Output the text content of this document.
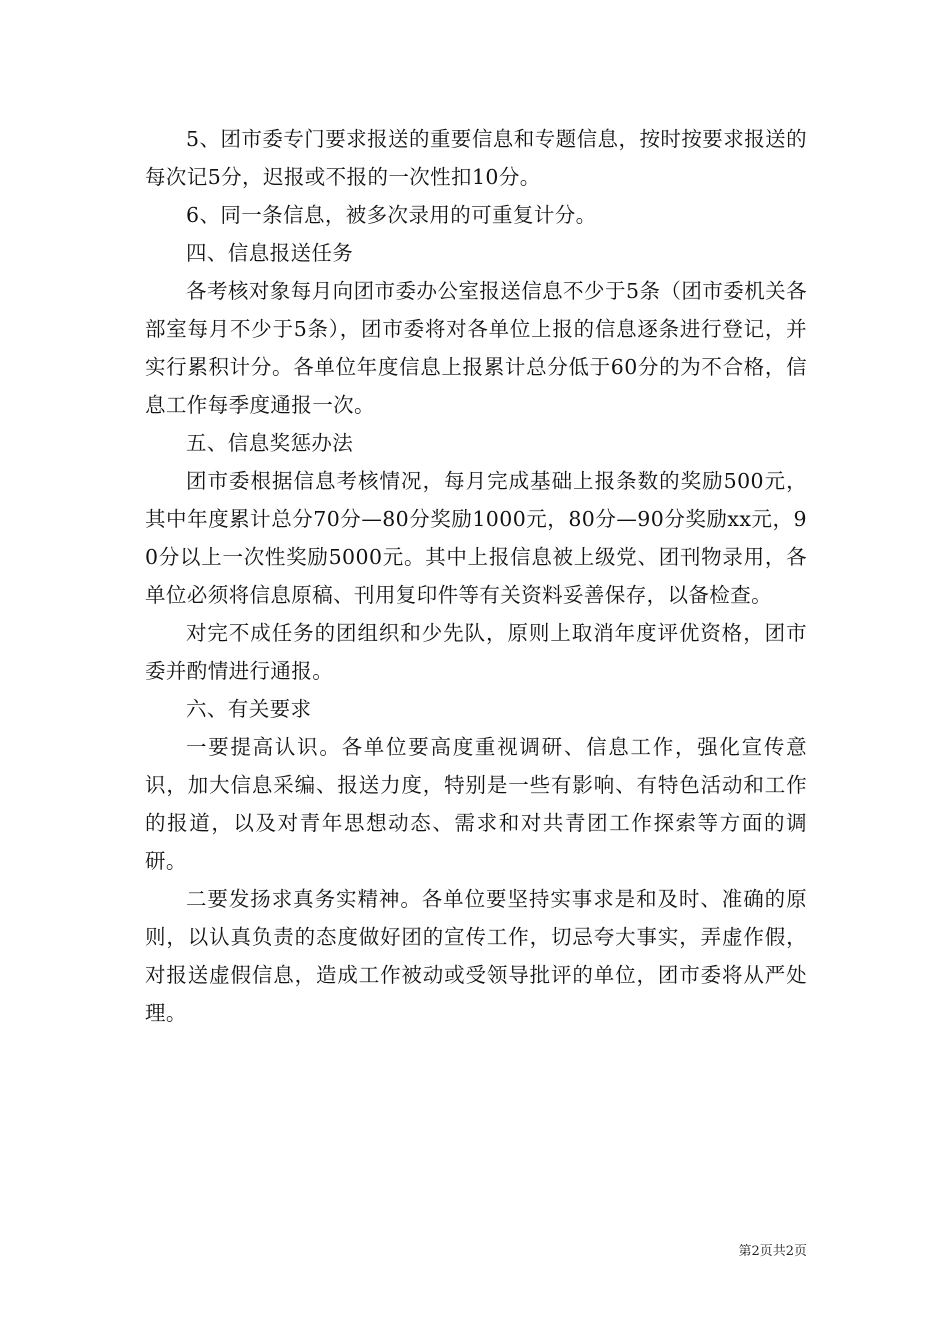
5、团市委专门要求报送的重要信息和专题信息，按时按要求报送的每次记5分，迟报或不报的一次性扣10分。

6、同一条信息，被多次录用的可重复计分。

四、信息报送任务

各考核对象每月向团市委办公室报送信息不少于5条（团市委机关各部室每月不少于5条），团市委将对各单位上报的信息逐条进行登记，并实行累积计分。各单位年度信息上报累计总分低于60分的为不合格，信息工作每季度通报一次。

五、信息奖惩办法

团市委根据信息考核情况，每月完成基础上报条数的奖励500元，其中年度累计总分70分—80分奖励1000元，80分—90分奖励xx元，90分以上一次性奖励5000元。其中上报信息被上级党、团刊物录用，各单位必须将信息原稿、刊用复印件等有关资料妥善保存，以备检查。

对完不成任务的团组织和少先队，原则上取消年度评优资格，团市委并酌情进行通报。

六、有关要求

一要提高认识。各单位要高度重视调研、信息工作，强化宣传意识，加大信息采编、报送力度，特别是一些有影响、有特色活动和工作的报道，以及对青年思想动态、需求和对共青团工作探索等方面的调研。

二要发扬求真务实精神。各单位要坚持实事求是和及时、准确的原则，以认真负责的态度做好团的宣传工作，切忌夸大事实，弄虚作假，对报送虚假信息，造成工作被动或受领导批评的单位，团市委将从严处理。

第2页共2页
